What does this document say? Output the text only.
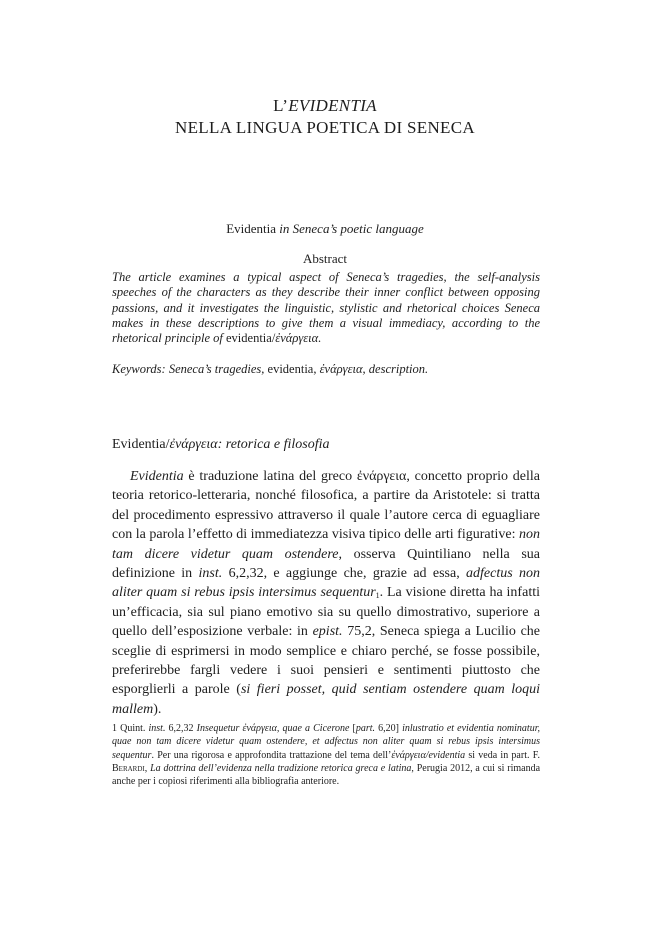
L’EVIDENTIA
NELLA LINGUA POETICA DI SENECA
Evidentia in Seneca’s poetic language
Abstract
The article examines a typical aspect of Seneca’s tragedies, the self-analysis speeches of the characters as they describe their inner conflict between opposing passions, and it investigates the linguistic, stylistic and rhetorical choices Seneca makes in these descriptions to give them a visual immediacy, according to the rhetorical principle of evidentia/ἐνάργεια.
Keywords: Seneca’s tragedies, evidentia, ἐνάργεια, description.
Evidentia/ἐνάργεια: retorica e filosofia

Evidentia è traduzione latina del greco ἐνάργεια, concetto proprio della teoria retorico-letteraria, nonché filosofica, a partire da Aristotele: si tratta del procedimento espressivo attraverso il quale l’autore cerca di eguagliare con la parola l’effetto di immediatezza visiva tipico delle arti figurative: non tam dicere videtur quam ostendere, osserva Quintiliano nella sua definizione in inst. 6,2,32, e aggiunge che, grazie ad essa, adfectus non aliter quam si rebus ipsis intersimus sequentur$^1$. La visione diretta ha infatti un’efficacia, sia sul piano emotivo sia su quello dimostrativo, superiore a quello dell’esposizione verbale: in epist. 75,2, Seneca spiega a Lucilio che sceglie di esprimersi in modo semplice e chiaro perché, se fosse possibile, preferirebbe fargli vedere i suoi pensieri e sentimenti piuttosto che esporglierli a parole (si fieri posset, quid sentiam ostendere quam loqui mallem).

1 Quint. inst. 6,2,32 Insequetur ἐνάργεια, quae a Cicerone [part. 6,20] inlustratio et evidentia nominatur, quae non tam dicere videtur quam ostendere, et adfectus non aliter quam si rebus ipsis intersimus sequentur. Per una rigorosa e approfondita trattazione del tema dell’ἐνάργεια/evidentia si veda in part. F. Berardi, La dottrina dell’evidenza nella tradizione retorica greca e latina, Perugia 2012, a cui si rimanda anche per i copiosi riferimenti alla bibliografia anteriore.
